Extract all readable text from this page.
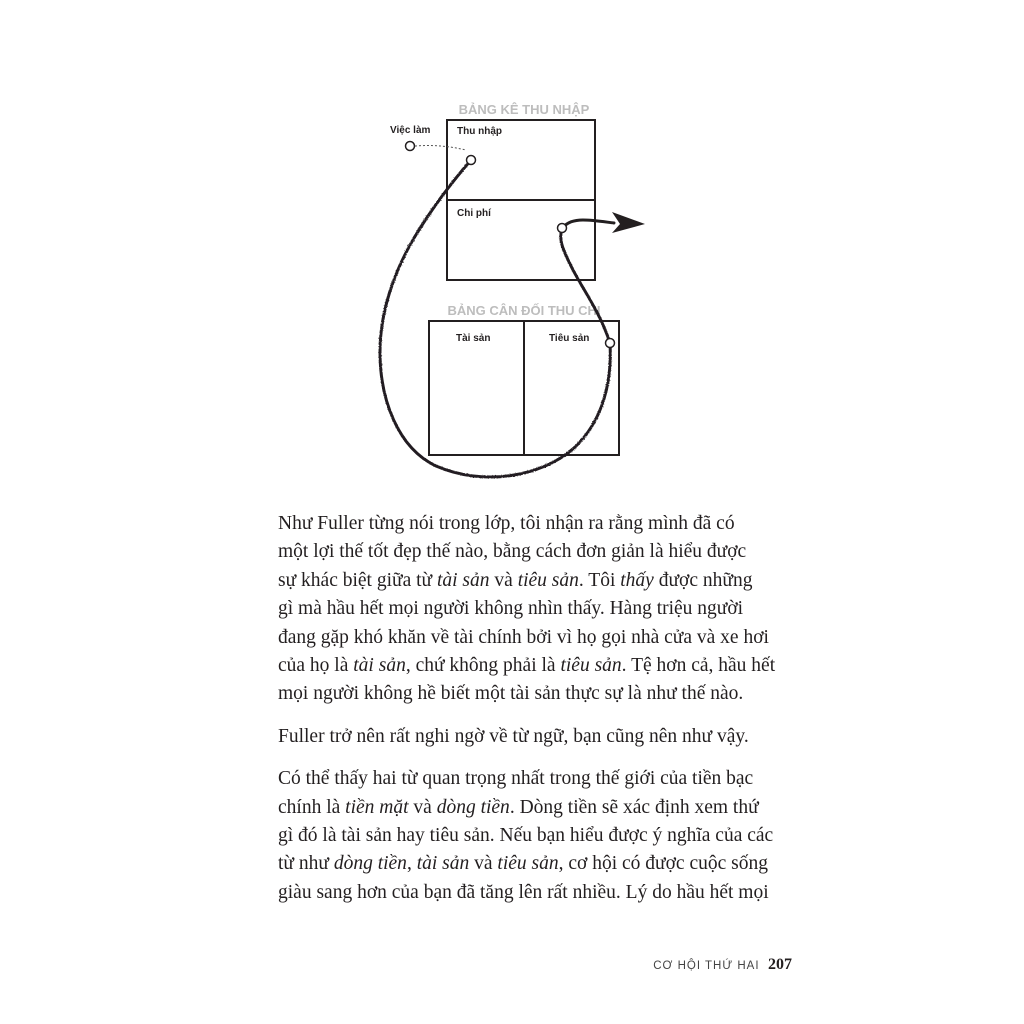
BẢNG KÊ THU NHẬP
Thu nhập
Chi phí
BẢNG CÂN ĐỐI THU CHI
Tài sản	Tiêu sản
Việc làm

Như Fuller từng nói trong lớp, tôi nhận ra rằng mình đã có
một lợi thế tốt đẹp thế nào, bằng cách đơn giản là hiểu được
sự khác biệt giữa từ tài sản và tiêu sản. Tôi thấy được những
gì mà hầu hết mọi người không nhìn thấy. Hàng triệu người
đang gặp khó khăn về tài chính bởi vì họ gọi nhà cửa và xe hơi
của họ là tài sản, chứ không phải là tiêu sản. Tệ hơn cả, hầu hết
mọi người không hề biết một tài sản thực sự là như thế nào.

Fuller trở nên rất nghi ngờ về từ ngữ, bạn cũng nên như vậy.

Có thể thấy hai từ quan trọng nhất trong thế giới của tiền bạc
chính là tiền mặt và dòng tiền. Dòng tiền sẽ xác định xem thứ
gì đó là tài sản hay tiêu sản. Nếu bạn hiểu được ý nghĩa của các
từ như dòng tiền, tài sản và tiêu sản, cơ hội có được cuộc sống
giàu sang hơn của bạn đã tăng lên rất nhiều. Lý do hầu hết mọi

CƠ HỘI THỨ HAI 207
